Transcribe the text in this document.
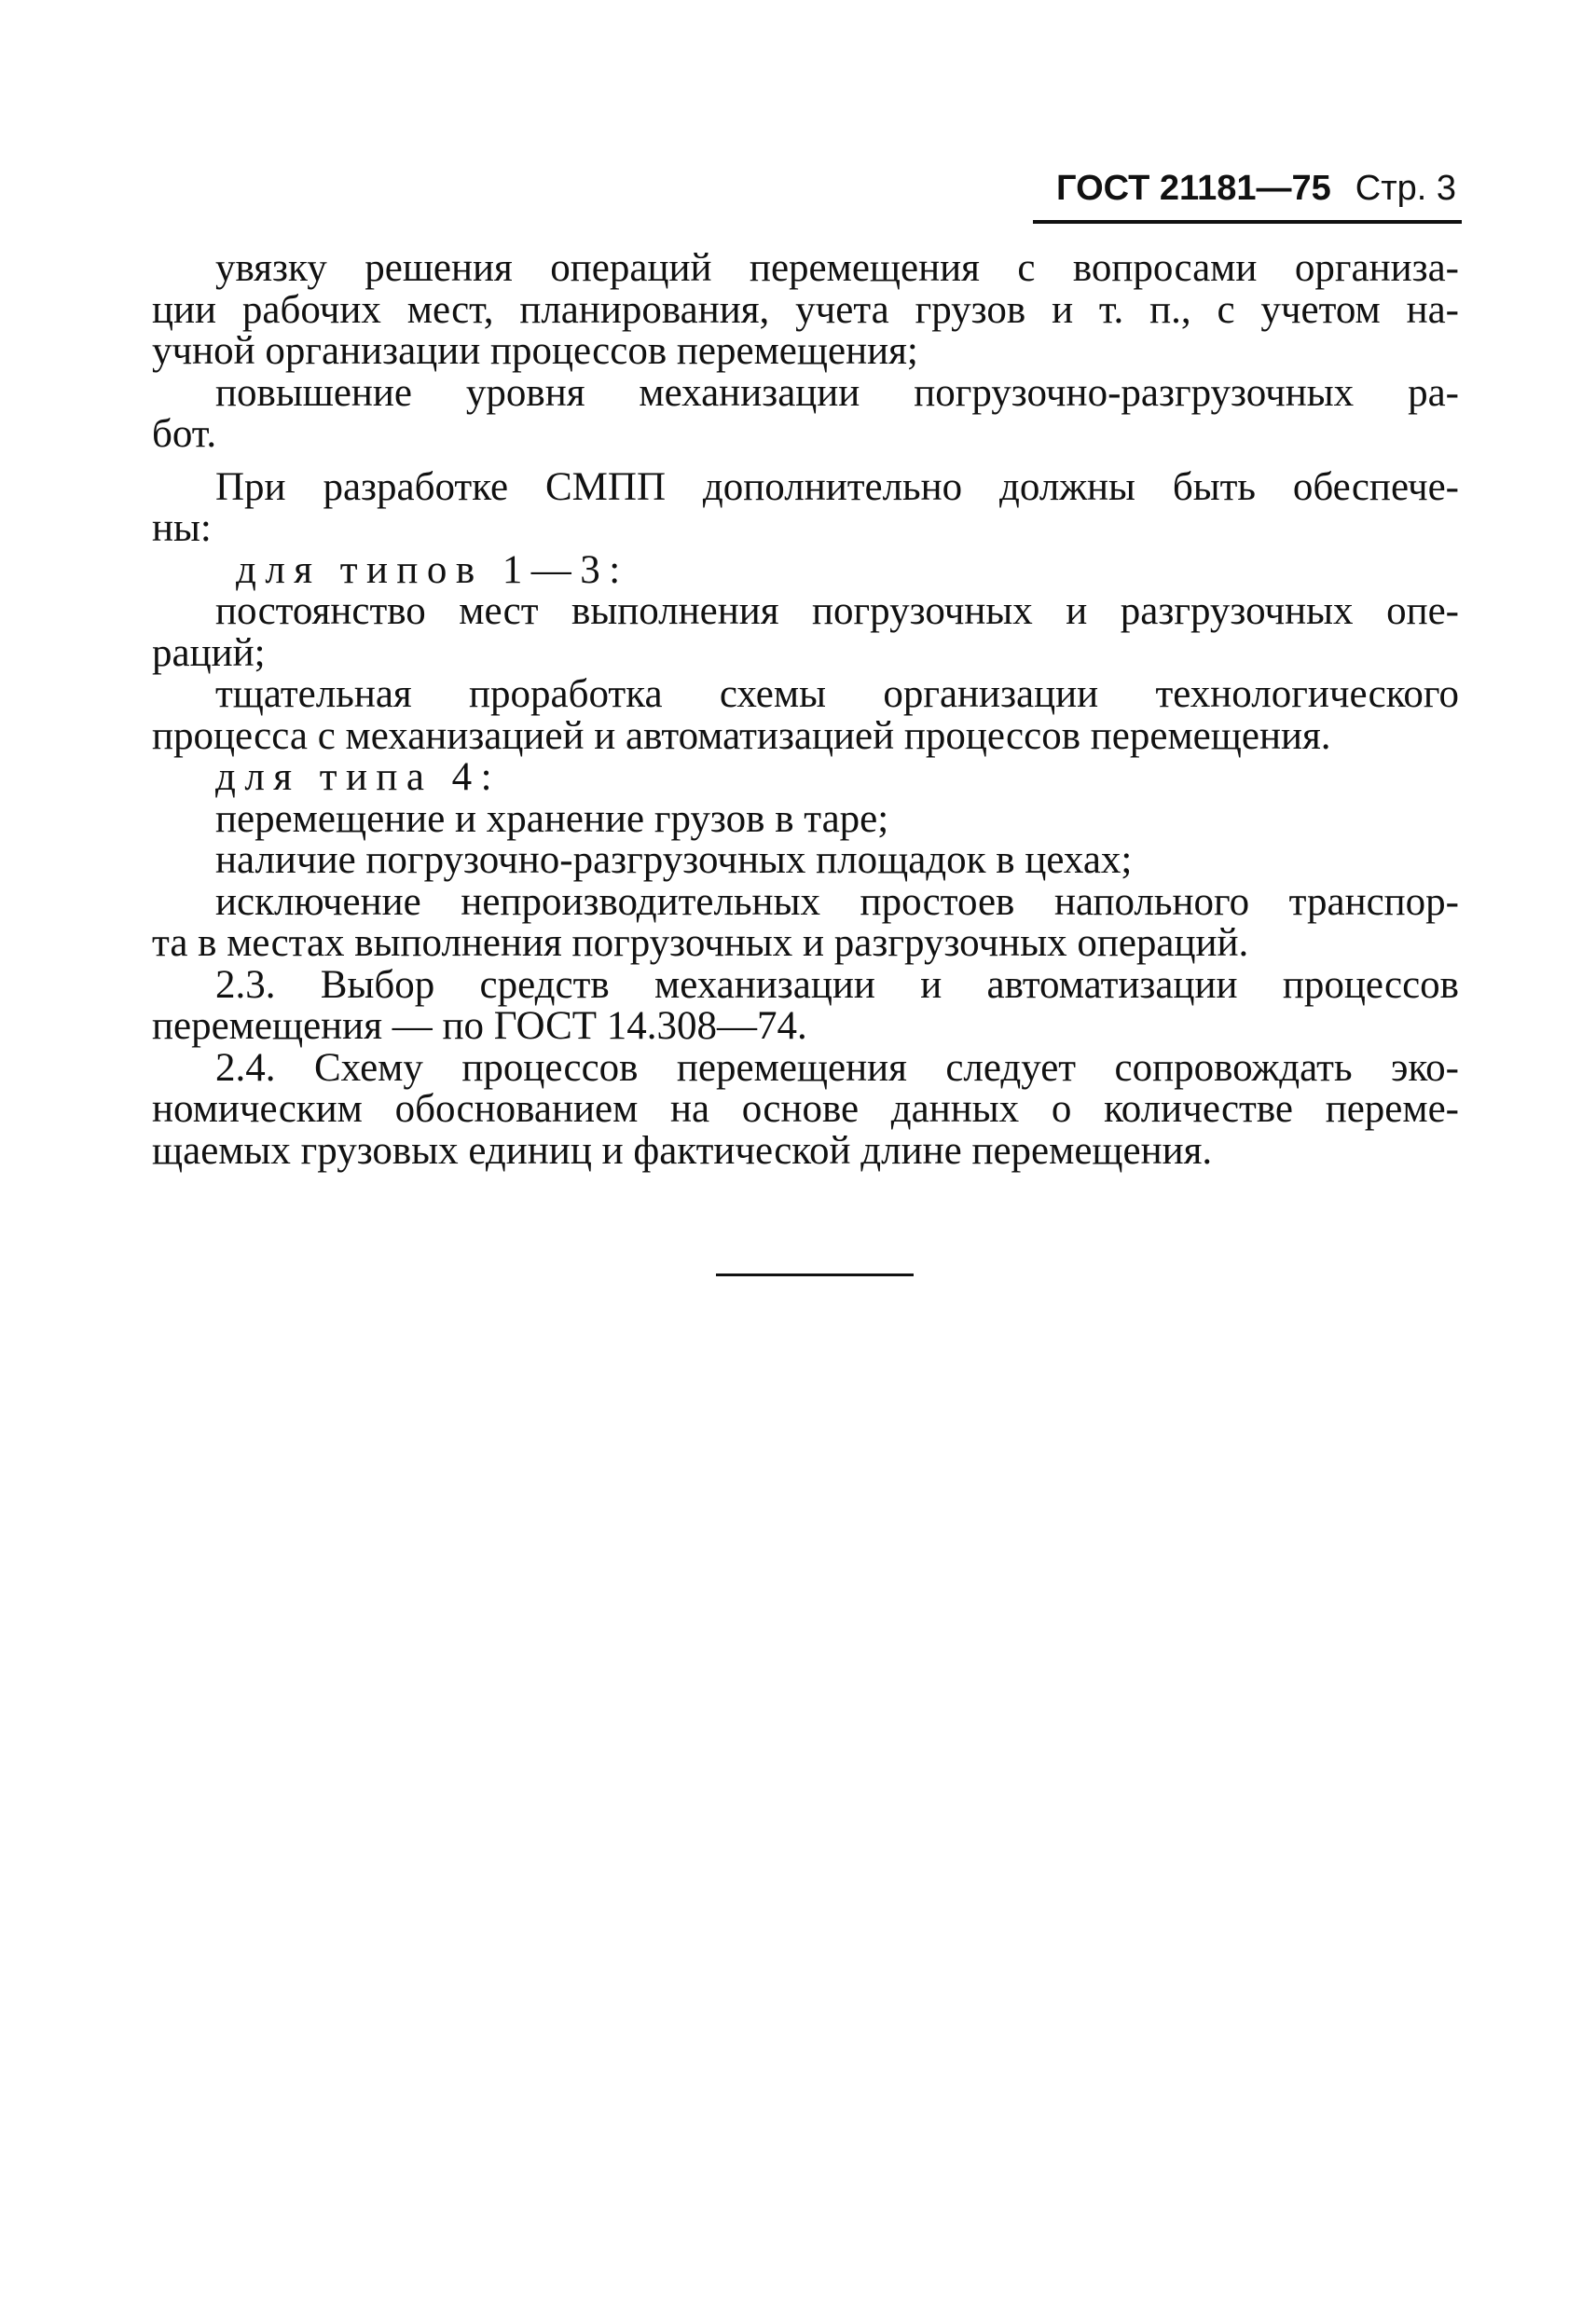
ГОСТ 21181—75 Стр. 3
увязку решения операций перемещения с вопросами организа-
ции рабочих мест, планирования, учета грузов и т. п., с учетом на-
учной организации процессов перемещения;
повышение уровня механизации погрузочно-разгрузочных ра-
бот.
При разработке СМПП дополнительно должны быть обеспече-
ны:
для типов 1—3:
постоянство мест выполнения погрузочных и разгрузочных опе-
раций;
тщательная проработка схемы организации технологического
процесса с механизацией и автоматизацией процессов перемещения.
для типа 4:
перемещение и хранение грузов в таре;
наличие погрузочно-разгрузочных площадок в цехах;
исключение непроизводительных простоев напольного транспор-
та в местах выполнения погрузочных и разгрузочных операций.
2.3. Выбор средств механизации и автоматизации процессов
перемещения — по ГОСТ 14.308—74.
2.4. Схему процессов перемещения следует сопровождать эко-
номическим обоснованием на основе данных о количестве переме-
щаемых грузовых единиц и фактической длине перемещения.
